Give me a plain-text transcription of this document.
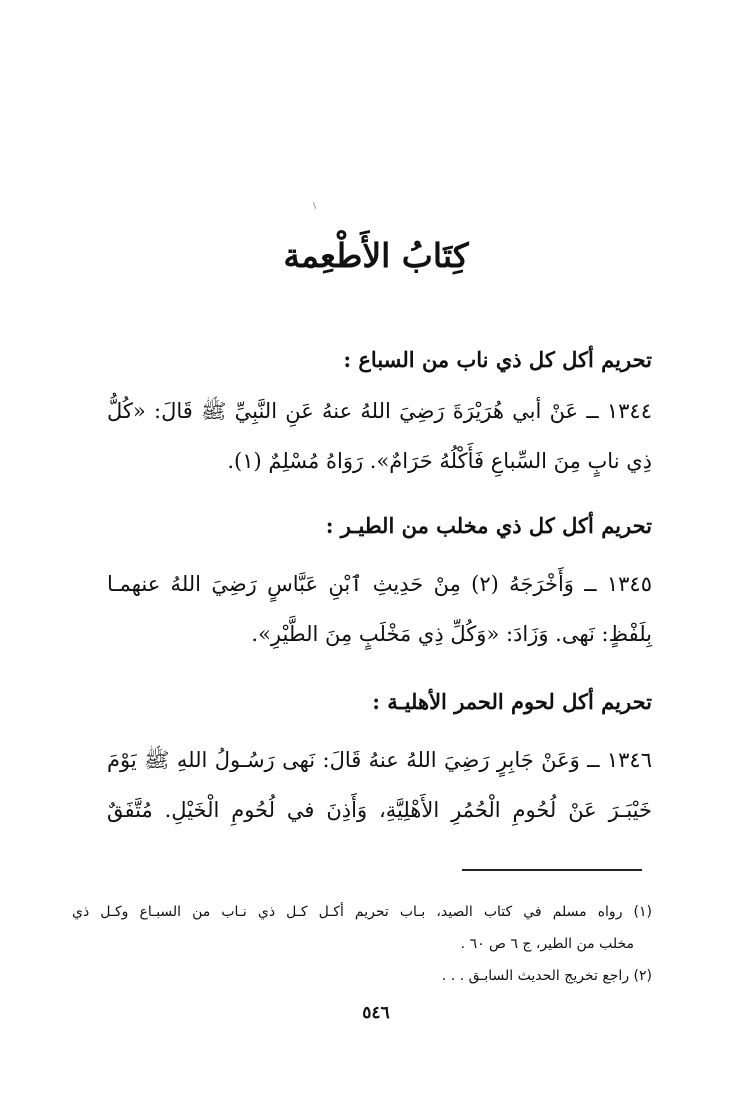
كِتَابُ الأَطْعِمة
تحريم أكل كل ذي ناب من السباع :
١٣٤٤ ــ عَنْ أبي هُرَيْرَةَ رَضِيَ اللهُ عنهُ عَنِ النَّبِيِّ ﷺ قَالَ: «كُلُّ
ذِي نابٍ مِنَ السِّباعِ فَأَكْلُهُ حَرَامٌ». رَوَاهُ مُسْلِمٌ (١).
تحريم أكل كل ذي مخلب من الطيـر :
١٣٤٥ ــ وَأَخْرَجَهُ (٢) مِنْ حَدِيثِ ٱبْنِ عَبَّاسٍ رَضِيَ اللهُ عنهمـا
بِلَفْظٍ: نَهى. وَزَادَ: «وَكُلِّ ذِي مَخْلَبٍ مِنَ الطَّيْرِ».
تحريم أكل لحوم الحمر الأهليـة :
١٣٤٦ ــ وَعَنْ جَابِرٍ رَضِيَ اللهُ عنهُ قَالَ: نَهى رَسُـولُ اللهِ ﷺ يَوْمَ
خَيْبَـرَ عَنْ لُحُومِ الْحُمُرِ الأَهْلِيَّةِ، وَأَذِنَ في لُحُومِ الْخَيْلِ. مُتَّفَقٌ
(١) رواه مسلم في كتاب الصيد، بـاب تحريم أكـل كـل ذي نـاب من السبـاع وكـل ذي
مخلب من الطير، ج ٦ ص ٦٠ .
(٢) راجع تخريج الحديث السابـق . . .
٥٤٦
